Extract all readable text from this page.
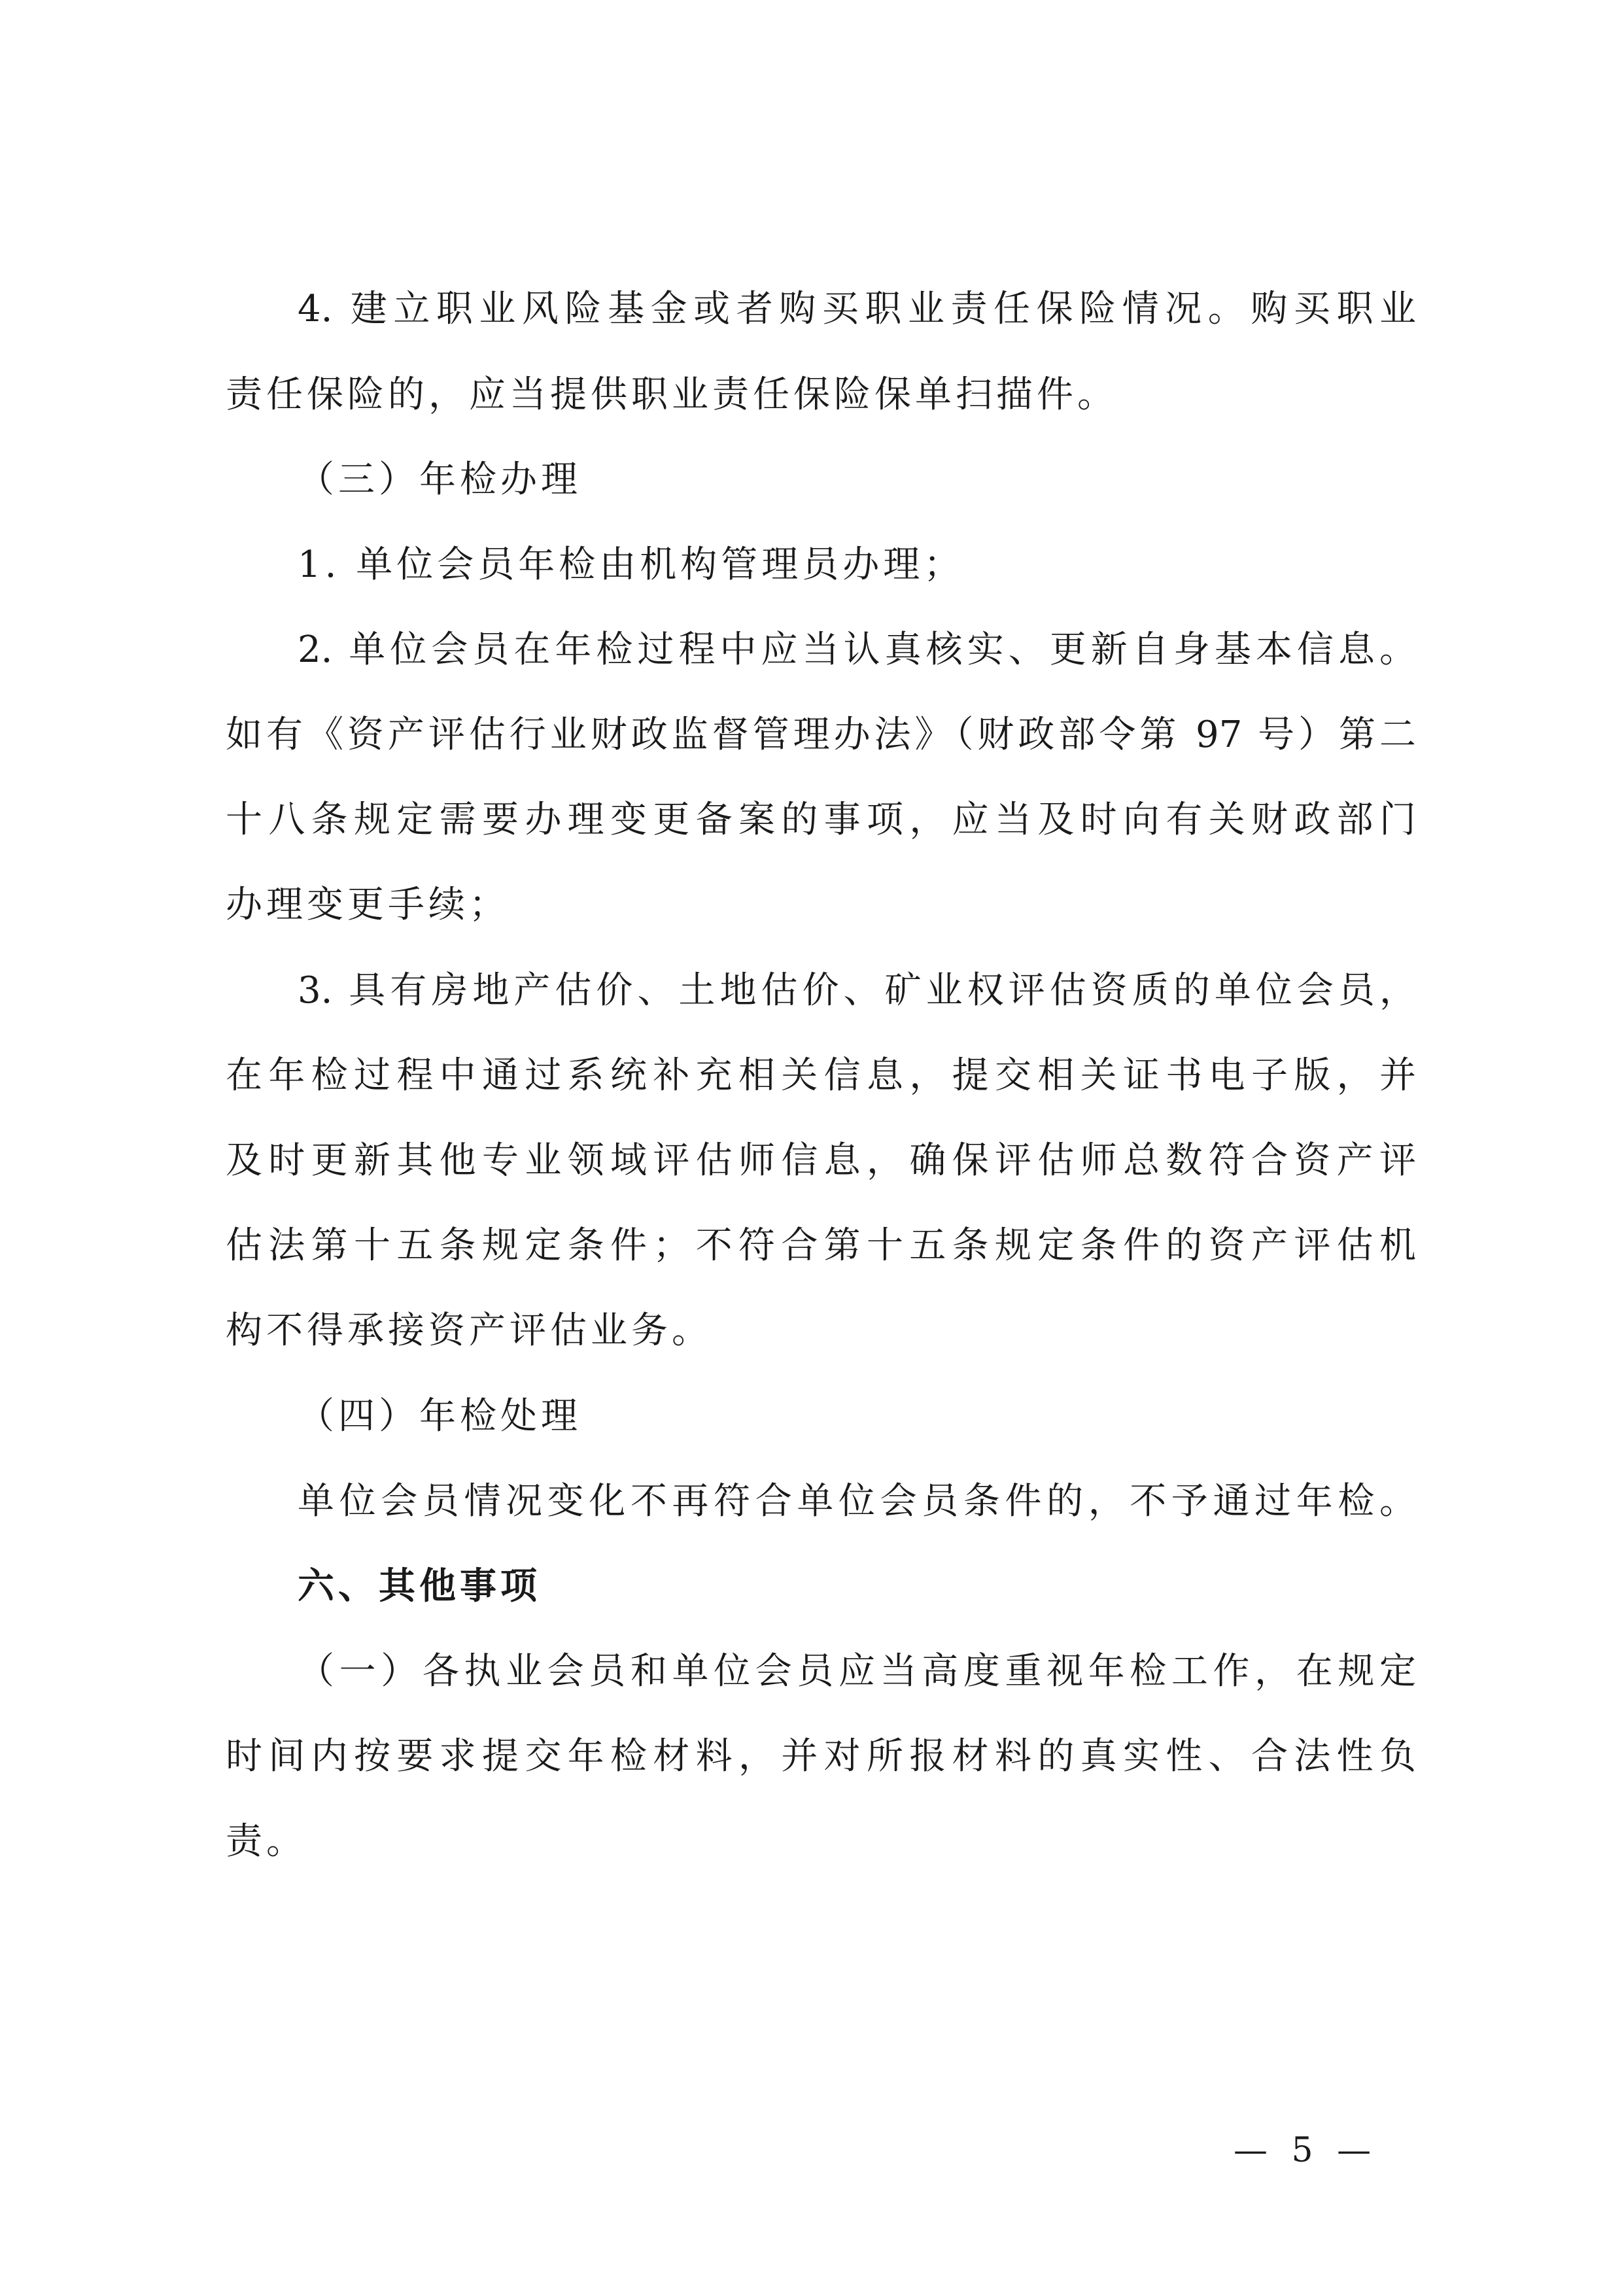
4. 建立职业风险基金或者购买职业责任保险情况。购买职业
责任保险的，应当提供职业责任保险保单扫描件。
（三）年检办理
1. 单位会员年检由机构管理员办理；
2. 单位会员在年检过程中应当认真核实、更新自身基本信息。
如有《资产评估行业财政监督管理办法》（财政部令第 97 号）第二
十八条规定需要办理变更备案的事项，应当及时向有关财政部门
办理变更手续；
3. 具有房地产估价、土地估价、矿业权评估资质的单位会员，
在年检过程中通过系统补充相关信息，提交相关证书电子版，并
及时更新其他专业领域评估师信息，确保评估师总数符合资产评
估法第十五条规定条件；不符合第十五条规定条件的资产评估机
构不得承接资产评估业务。
（四）年检处理
单位会员情况变化不再符合单位会员条件的，不予通过年检。
六、其他事项
（一）各执业会员和单位会员应当高度重视年检工作，在规定
时间内按要求提交年检材料，并对所报材料的真实性、合法性负
责。
— 5 —
